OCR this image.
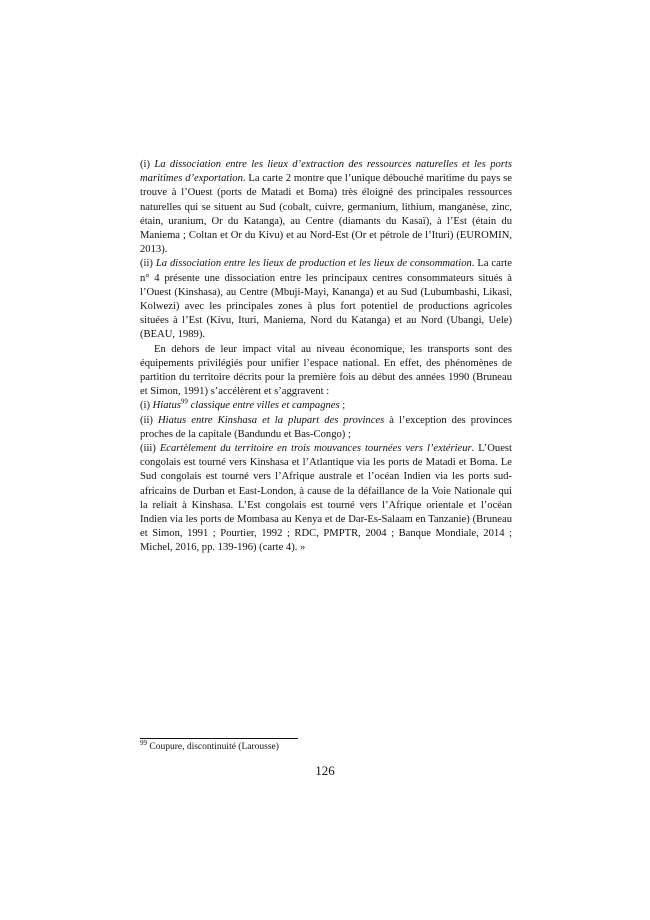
(i) La dissociation entre les lieux d’extraction des ressources naturelles et les ports maritimes d’exportation. La carte 2 montre que l’unique débouché maritime du pays se trouve à l’Ouest (ports de Matadi et Boma) très éloigné des principales ressources naturelles qui se situent au Sud (cobalt, cuivre, germanium, lithium, manganèse, zinc, étain, uranium, Or du Katanga), au Centre (diamants du Kasaï), à l’Est (étain du Maniema ; Coltan et Or du Kivu) et au Nord-Est (Or et pétrole de l’Ituri) (EUROMIN, 2013).

(ii) La dissociation entre les lieux de production et les lieux de consommation. La carte n° 4 présente une dissociation entre les principaux centres consommateurs situés à l’Ouest (Kinshasa), au Centre (Mbuji-Mayi, Kananga) et au Sud (Lubumbashi, Likasi, Kolwezi) avec les principales zones à plus fort potentiel de productions agricoles situées à l’Est (Kivu, Ituri, Maniema, Nord du Katanga) et au Nord (Ubangi, Uele) (BEAU, 1989).

En dehors de leur impact vital au niveau économique, les transports sont des équipements privilégiés pour unifier l’espace national. En effet, des phénomènes de partition du territoire décrits pour la première fois au début des années 1990 (Bruneau et Simon, 1991) s’accélèrent et s’aggravent :

(i) Hiatus$^{99}$ classique entre villes et campagnes ;

(ii) Hiatus entre Kinshasa et la plupart des provinces à l’exception des provinces proches de la capitale (Bandundu et Bas-Congo) ;

(iii) Ecartèlement du territoire en trois mouvances tournées vers l’extérieur. L’Ouest congolais est tourné vers Kinshasa et l’Atlantique via les ports de Matadi et Boma. Le Sud congolais est tourné vers l’Afrique australe et l’océan Indien via les ports sud-africains de Durban et East-London, à cause de la défaillance de la Voie Nationale qui la reliait à Kinshasa. L’Est congolais est tourné vers l’Afrique orientale et l’océan Indien via les ports de Mombasa au Kenya et de Dar-Es-Salaam en Tanzanie) (Bruneau et Simon, 1991 ; Pourtier, 1992 ; RDC, PMPTR, 2004 ; Banque Mondiale, 2014 ; Michel, 2016, pp. 139-196) (carte 4). »

$^{99}$ Coupure, discontinuité (Larousse)
126
